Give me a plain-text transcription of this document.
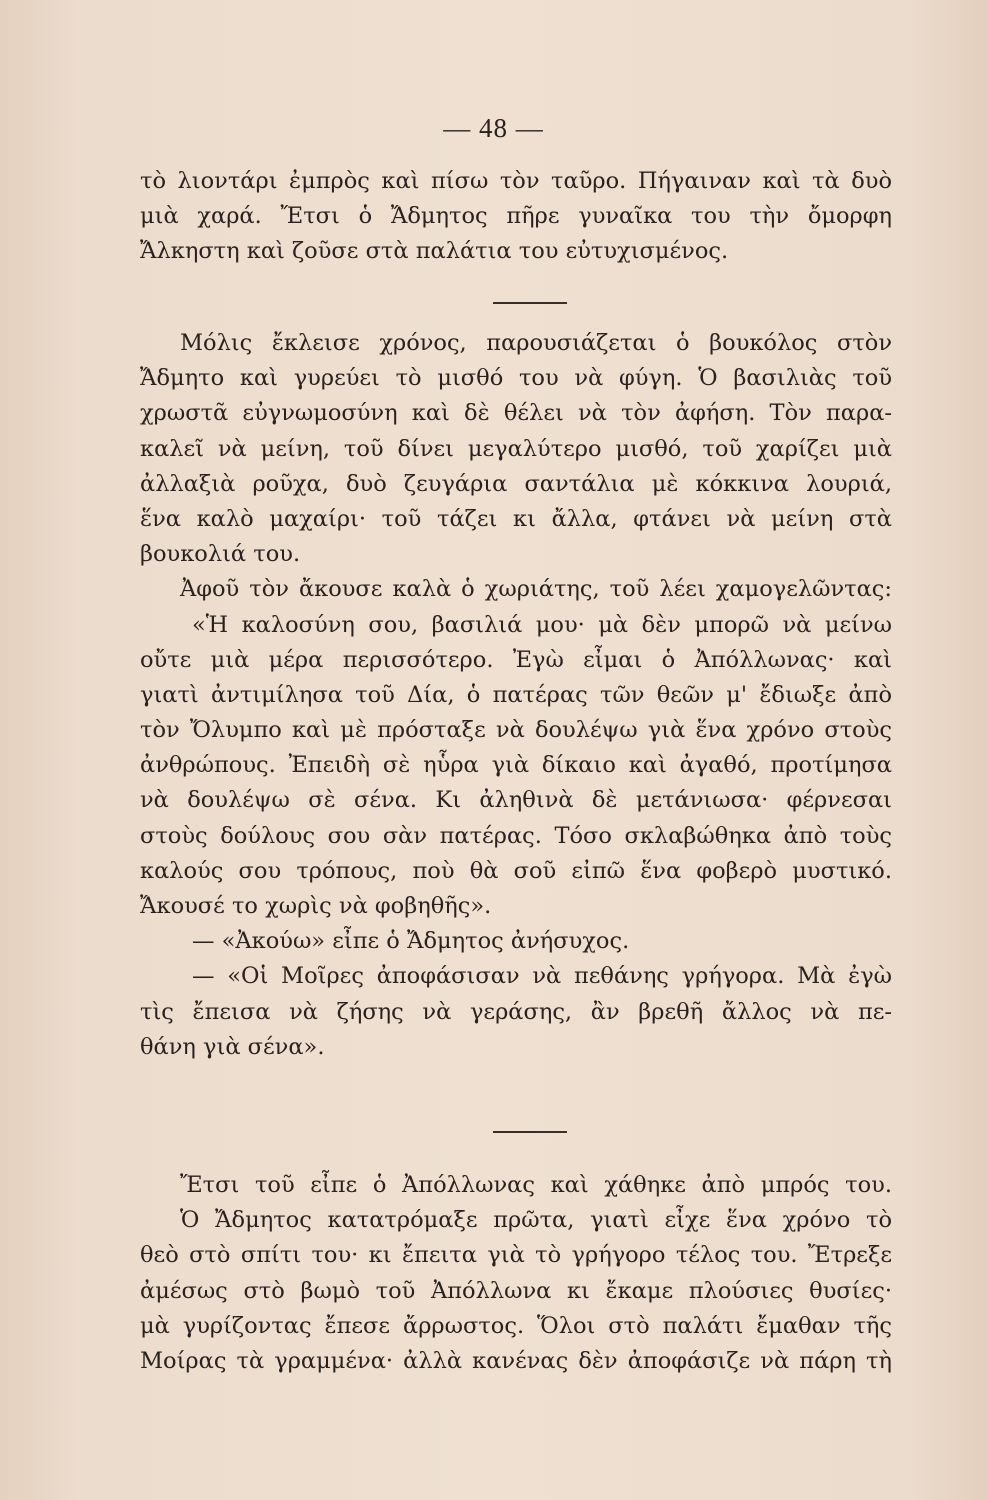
— 48 —
τὸ λιοντάρι ἐμπρὸς καὶ πίσω τὸν ταῦρο. Πήγαιναν καὶ τὰ δυὸ
μιὰ χαρά. Ἔτσι ὁ Ἄδμητος πῆρε γυναῖκα του τὴν ὄμορφη
Ἄλκηστη καὶ ζοῦσε στὰ παλάτια του εὐτυχισμένος.
Μόλις ἔκλεισε χρόνος, παρουσιάζεται ὁ βουκόλος στὸν
Ἄδμητο καὶ γυρεύει τὸ μισθό του νὰ φύγη. Ὁ βασιλιὰς τοῦ
χρωστᾶ εὐγνωμοσύνη καὶ δὲ θέλει νὰ τὸν ἀφήση. Τὸν παρα-
καλεῖ νὰ μείνη, τοῦ δίνει μεγαλύτερο μισθό, τοῦ χαρίζει μιὰ
ἀλλαξιὰ ροῦχα, δυὸ ζευγάρια σαντάλια μὲ κόκκινα λουριά,
ἕνα καλὸ μαχαίρι· τοῦ τάζει κι ἄλλα, φτάνει νὰ μείνη στὰ
βουκολιά του.
Ἀφοῦ τὸν ἄκουσε καλὰ ὁ χωριάτης, τοῦ λέει χαμογελῶντας:
«Ἡ καλοσύνη σου, βασιλιά μου· μὰ δὲν μπορῶ νὰ μείνω
οὔτε μιὰ μέρα περισσότερο. Ἐγὼ εἶμαι ὁ Ἀπόλλωνας· καὶ
γιατὶ ἀντιμίλησα τοῦ Δία, ὁ πατέρας τῶν θεῶν μ' ἔδιωξε ἀπὸ
τὸν Ὄλυμπο καὶ μὲ πρόσταξε νὰ δουλέψω γιὰ ἕνα χρόνο στοὺς
ἀνθρώπους. Ἐπειδὴ σὲ ηὗρα γιὰ δίκαιο καὶ ἀγαθό, προτίμησα
νὰ δουλέψω σὲ σένα. Κι ἀληθινὰ δὲ μετάνιωσα· φέρνεσαι
στοὺς δούλους σου σὰν πατέρας. Τόσο σκλαβώθηκα ἀπὸ τοὺς
καλούς σου τρόπους, ποὺ θὰ σοῦ εἰπῶ ἕνα φοβερὸ μυστικό.
Ἄκουσέ το χωρὶς νὰ φοβηθῆς».
— «Ἀκούω» εἶπε ὁ Ἄδμητος ἀνήσυχος.
— «Οἱ Μοῖρες ἀποφάσισαν νὰ πεθάνης γρήγορα. Μὰ ἐγὼ
τὶς ἔπεισα νὰ ζήσης νὰ γεράσης, ἂν βρεθῆ ἄλλος νὰ πε-
θάνη γιὰ σένα».
Ἔτσι τοῦ εἶπε ὁ Ἀπόλλωνας καὶ χάθηκε ἀπὸ μπρός του.
Ὁ Ἄδμητος κατατρόμαξε πρῶτα, γιατὶ εἶχε ἕνα χρόνο τὸ
θεὸ στὸ σπίτι του· κι ἔπειτα γιὰ τὸ γρήγορο τέλος του. Ἔτρεξε
ἀμέσως στὸ βωμὸ τοῦ Ἀπόλλωνα κι ἔκαμε πλούσιες θυσίες·
μὰ γυρίζοντας ἔπεσε ἄρρωστος. Ὅλοι στὸ παλάτι ἔμαθαν τῆς
Μοίρας τὰ γραμμένα· ἀλλὰ κανένας δὲν ἀποφάσιζε νὰ πάρη τὴ
